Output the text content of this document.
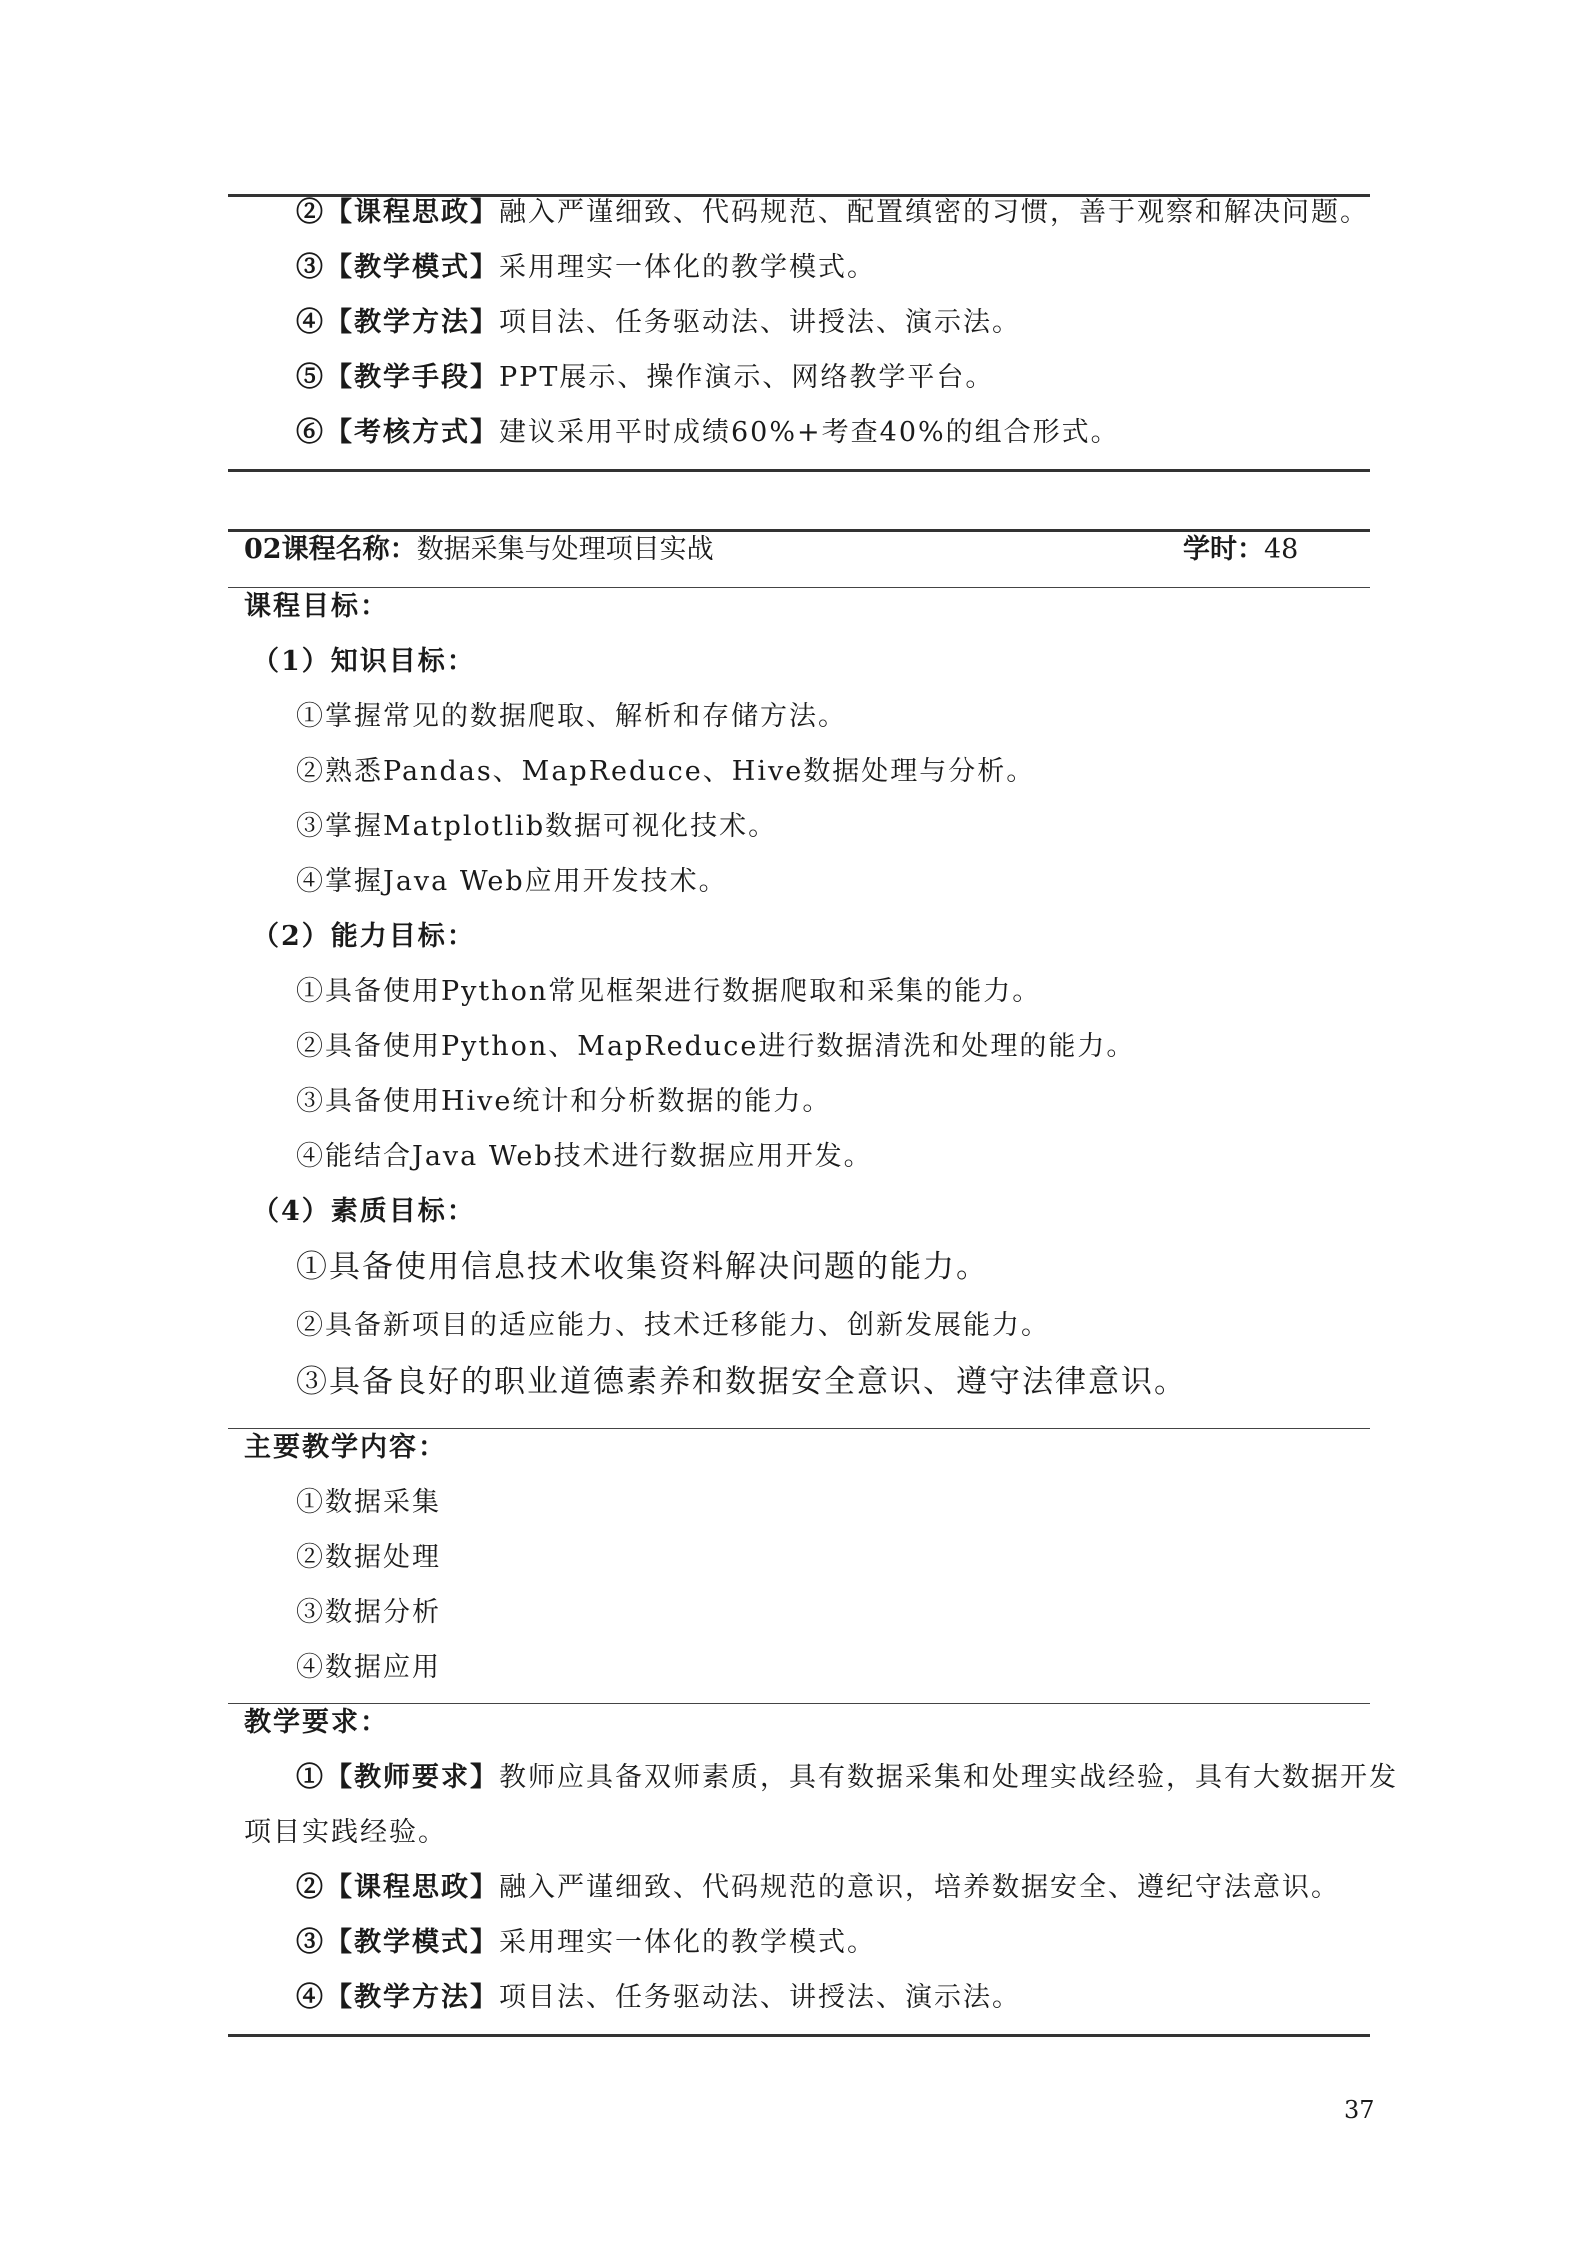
②【课程思政】融入严谨细致、代码规范、配置缜密的习惯，善于观察和解决问题。
③【教学模式】采用理实一体化的教学模式。
④【教学方法】项目法、任务驱动法、讲授法、演示法。
⑤【教学手段】PPT展示、操作演示、网络教学平台。
⑥【考核方式】建议采用平时成绩60%+考查40%的组合形式。
02课程名称：数据采集与处理项目实战	学时：48
课程目标：
（1）知识目标：
①掌握常见的数据爬取、解析和存储方法。
②熟悉Pandas、MapReduce、Hive数据处理与分析。
③掌握Matplotlib数据可视化技术。
④掌握Java Web应用开发技术。
（2）能力目标：
①具备使用Python常见框架进行数据爬取和采集的能力。
②具备使用Python、MapReduce进行数据清洗和处理的能力。
③具备使用Hive统计和分析数据的能力。
④能结合Java Web技术进行数据应用开发。
（4）素质目标：
①具备使用信息技术收集资料解决问题的能力。
②具备新项目的适应能力、技术迁移能力、创新发展能力。
③具备良好的职业道德素养和数据安全意识、遵守法律意识。
主要教学内容：
①数据采集
②数据处理
③数据分析
④数据应用
教学要求：
①【教师要求】教师应具备双师素质，具有数据采集和处理实战经验，具有大数据开发
项目实践经验。
②【课程思政】融入严谨细致、代码规范的意识，培养数据安全、遵纪守法意识。
③【教学模式】采用理实一体化的教学模式。
④【教学方法】项目法、任务驱动法、讲授法、演示法。
37
